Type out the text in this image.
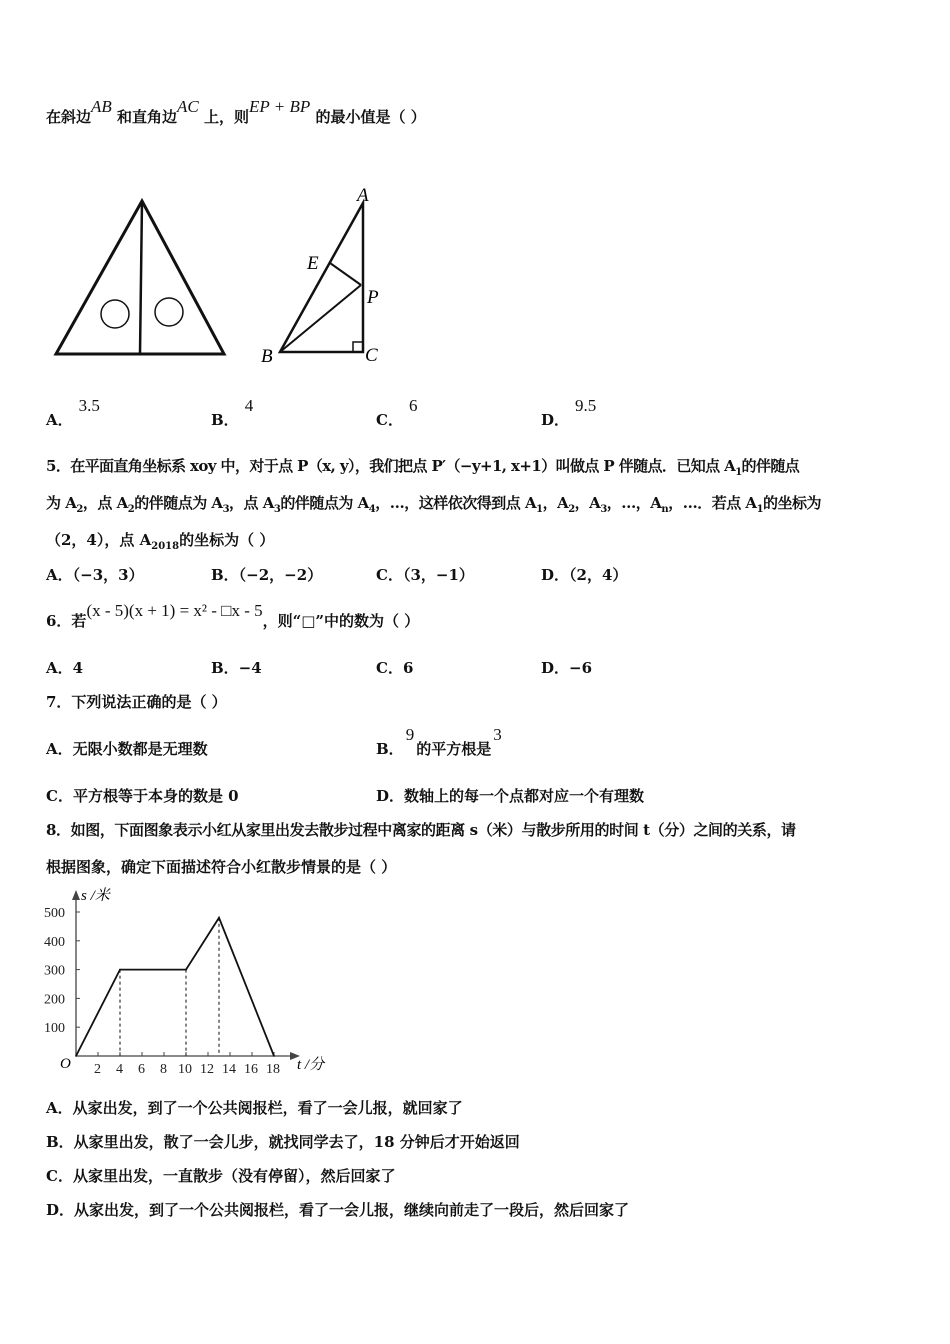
在斜边AB 和直角边AC 上，则EP + BP 的最小值是（ ）
A
E
P
B	C
A．3.5
B．4
C．6
D．9.5
5．在平面直角坐标系 xoy 中，对于点 P（x, y），我们把点 P′（−y+1, x+1）叫做点 P 伴随点．已知点 $A_1$的伴随点
为 $A_2$，点 $A_2$的伴随点为 $A_3$，点 $A_3$的伴随点为 $A_4$，…，这样依次得到点 $A_1$，$A_2$，$A_3$，…，$A_n$，…．若点 $A_1$的坐标为
（2，4），点 $A_{2018}$的坐标为（ ）
A．（−3，3）	B．（−2，−2）	C．（3，−1）	D．（2，4）
6．若(x - 5)(x + 1) = x² - □x - 5，则“□”中的数为（ ）
A．4	B．−4	C．6	D．−6
7．下列说法正确的是（ ）
A．无限小数都是无理数	B．9的平方根是3
C．平方根等于本身的数是 0	D．数轴上的每一个点都对应一个有理数
8．如图，下面图象表示小红从家里出发去散步过程中离家的距离 s（米）与散步所用的时间 t（分）之间的关系，请
根据图象，确定下面描述符合小红散步情景的是（ ）
s /米
t /分
O 2 4 6 8 10 12 14 16 18
100
200
300
400
500
A．从家出发，到了一个公共阅报栏，看了一会儿报，就回家了
B．从家里出发，散了一会儿步，就找同学去了，18 分钟后才开始返回
C．从家里出发，一直散步（没有停留），然后回家了
D．从家出发，到了一个公共阅报栏，看了一会儿报，继续向前走了一段后，然后回家了
